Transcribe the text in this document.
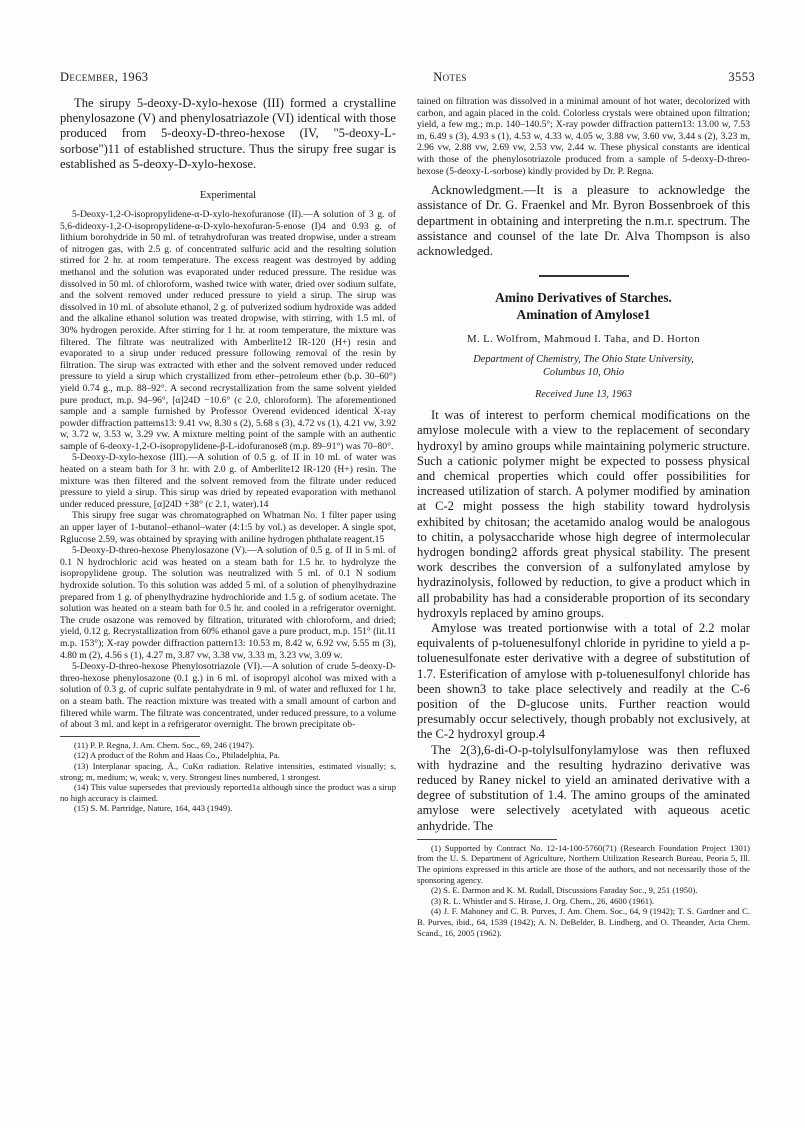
December, 1963	Notes	3553

The sirupy 5-deoxy-D-xylo-hexose (III) formed a crystalline phenylosazone (V) and phenylosatriazole (VI) identical with those produced from 5-deoxy-D-threo-hexose (IV, "5-deoxy-L-sorbose")11 of established structure. Thus the sirupy free sugar is established as 5-deoxy-D-xylo-hexose.

Experimental

5-Deoxy-1,2-O-isopropylidene-α-D-xylo-hexofuranose (II).—A solution of 3 g. of 5,6-dideoxy-1,2-O-isopropylidene-α-D-xylo-hexofuran-5-enose (I)4 and 0.93 g. of lithium borohydride in 50 ml. of tetrahydrofuran was treated dropwise, under a stream of nitrogen gas, with 2.5 g. of concentrated sulfuric acid and the resulting solution stirred for 2 hr. at room temperature. The excess reagent was destroyed by adding methanol and the solution was evaporated under reduced pressure. The residue was dissolved in 50 ml. of chloroform, washed twice with water, dried over sodium sulfate, and the solvent removed under reduced pressure to yield a sirup. The sirup was dissolved in 10 ml. of absolute ethanol, 2 g. of pulverized sodium hydroxide was added and the alkaline ethanol solution was treated dropwise, with stirring, with 1.5 ml. of 30% hydrogen peroxide. After stirring for 1 hr. at room temperature, the mixture was filtered. The filtrate was neutralized with Amberlite12 IR-120 (H+) resin and evaporated to a sirup under reduced pressure following removal of the resin by filtration. The sirup was extracted with ether and the solvent removed under reduced pressure to yield a sirup which crystallized from ether–petroleum ether (b.p. 30–60°) yield 0.74 g., m.p. 88–92°. A second recrystallization from the same solvent yielded pure product, m.p. 94–96°, [α]24D −10.6° (c 2.0, chloroform). The aforementioned sample and a sample furnished by Professor Overend evidenced identical X-ray powder diffraction patterns13: 9.41 vw, 8.30 s (2), 5.68 s (3), 4.72 vs (1), 4.21 vw, 3.92 w, 3.72 w, 3.53 w, 3.29 vw. A mixture melting point of the sample with an authentic sample of 6-deoxy-1,2-O-isopropylidene-β-L-idofuranose8 (m.p. 89–91°) was 70–80°.

5-Deoxy-D-xylo-hexose (III).—A solution of 0.5 g. of II in 10 ml. of water was heated on a steam bath for 3 hr. with 2.0 g. of Amberlite12 IR-120 (H+) resin. The mixture was then filtered and the solvent removed from the filtrate under reduced pressure to yield a sirup. This sirup was dried by repeated evaporation with methanol under reduced pressure, [α]24D +38° (c 2.1, water).14

This sirupy free sugar was chromatographed on Whatman No. 1 filter paper using an upper layer of 1-butanol–ethanol–water (4:1:5 by vol.) as developer. A single spot, Rglucose 2.59, was obtained by spraying with aniline hydrogen phthalate reagent.15

5-Deoxy-D-threo-hexose Phenylosazone (V).—A solution of 0.5 g. of II in 5 ml. of 0.1 N hydrochloric acid was heated on a steam bath for 1.5 hr. to hydrolyze the isopropylidene group. The solution was neutralized with 5 ml. of 0.1 N sodium hydroxide solution. To this solution was added 5 ml. of a solution of phenylhydrazine prepared from 1 g. of phenylhydrazine hydrochloride and 1.5 g. of sodium acetate. The solution was heated on a steam bath for 0.5 hr. and cooled in a refrigerator overnight. The crude osazone was removed by filtration, triturated with chloroform, and dried; yield, 0.12 g. Recrystallization from 60% ethanol gave a pure product, m.p. 151° (lit.11 m.p. 153°); X-ray powder diffraction pattern13: 10.53 m, 8.42 w, 6.92 vw, 5.55 m (3), 4.80 m (2), 4.56 s (1), 4.27 m, 3.87 vw, 3.38 vw, 3.33 m, 3.23 vw, 3.09 w.

5-Deoxy-D-threo-hexose Phenylosotriazole (VI).—A solution of crude 5-deoxy-D-threo-hexose phenylosazone (0.1 g.) in 6 ml. of isopropyl alcohol was mixed with a solution of 0.3 g. of cupric sulfate pentahydrate in 9 ml. of water and refluxed for 1 hr. on a steam bath. The reaction mixture was treated with a small amount of carbon and filtered while warm. The filtrate was concentrated, under reduced pressure, to a volume of about 3 ml. and kept in a refrigerator overnight. The brown precipitate ob-

(11) P. P. Regna, J. Am. Chem. Soc., 69, 246 (1947).

(12) A product of the Rohm and Haas Co., Philadelphia, Pa.

(13) Interplanar spacing, Å., CuKα radiation. Relative intensities, estimated visually; s, strong; m, medium; w, weak; v, very. Strongest lines numbered, 1 strongest.

(14) This value supersedes that previously reported1a although since the product was a sirup no high accuracy is claimed.

(15) S. M. Partridge, Nature, 164, 443 (1949).

tained on filtration was dissolved in a minimal amount of hot water, decolorized with carbon, and again placed in the cold. Colorless crystals were obtained upon filtration; yield, a few mg.; m.p. 140–140.5°; X-ray powder diffraction pattern13: 13.00 w, 7.53 m, 6.49 s (3), 4.93 s (1), 4.53 w, 4.33 w, 4.05 w, 3.88 vw, 3.60 vw, 3.44 s (2), 3.23 m, 2.96 vw, 2.88 vw, 2.69 vw, 2.53 vw, 2.44 w. These physical constants are identical with those of the phenylosotriazole produced from a sample of 5-deoxy-D-threo-hexose (5-deoxy-L-sorbose) kindly provided by Dr. P. Regna.

Acknowledgment.—It is a pleasure to acknowledge the assistance of Dr. G. Fraenkel and Mr. Byron Bossenbroek of this department in obtaining and interpreting the n.m.r. spectrum. The assistance and counsel of the late Dr. Alva Thompson is also acknowledged.

Amino Derivatives of Starches.

Amination of Amylose1

M. L. Wolfrom, Mahmoud I. Taha, and D. Horton

Department of Chemistry, The Ohio State University,

Columbus 10, Ohio

Received June 13, 1963

It was of interest to perform chemical modifications on the amylose molecule with a view to the replacement of secondary hydroxyl by amino groups while maintaining polymeric structure. Such a cationic polymer might be expected to possess physical and chemical properties which could offer possibilities for increased utilization of starch. A polymer modified by amination at C-2 might possess the high stability toward hydrolysis exhibited by chitosan; the acetamido analog would be analogous to chitin, a polysaccharide whose high degree of intermolecular hydrogen bonding2 affords great physical stability. The present work describes the conversion of a sulfonylated amylose by hydrazinolysis, followed by reduction, to give a product which in all probability has had a considerable proportion of its secondary hydroxyls replaced by amino groups.

Amylose was treated portionwise with a total of 2.2 molar equivalents of p-toluenesulfonyl chloride in pyridine to yield a p-toluenesulfonate ester derivative with a degree of substitution of 1.7. Esterification of amylose with p-toluenesulfonyl chloride has been shown3 to take place selectively and readily at the C-6 position of the D-glucose units. Further reaction would presumably occur selectively, though probably not exclusively, at the C-2 hydroxyl group.4

The 2(3),6-di-O-p-tolylsulfonylamylose was then refluxed with hydrazine and the resulting hydrazino derivative was reduced by Raney nickel to yield an aminated derivative with a degree of substitution of 1.4. The amino groups of the aminated amylose were selectively acetylated with aqueous acetic anhydride. The

(1) Supported by Contract No. 12-14-100-5760(71) (Research Foundation Project 1301) from the U. S. Department of Agriculture, Northern Utilization Research Bureau, Peoria 5, Ill. The opinions expressed in this article are those of the authors, and not necessarily those of the sponsoring agency.

(2) S. E. Darmon and K. M. Rudall, Discussions Faraday Soc., 9, 251 (1950).

(3) R. L. Whistler and S. Hirase, J. Org. Chem., 26, 4600 (1961).

(4) J. F. Mahoney and C. B. Purves, J. Am. Chem. Soc., 64, 9 (1942); T. S. Gardner and C. B. Purves, ibid., 64, 1539 (1942); A. N. DeBelder, B. Lindberg, and O. Theander, Acta Chem. Scand., 16, 2005 (1962).
